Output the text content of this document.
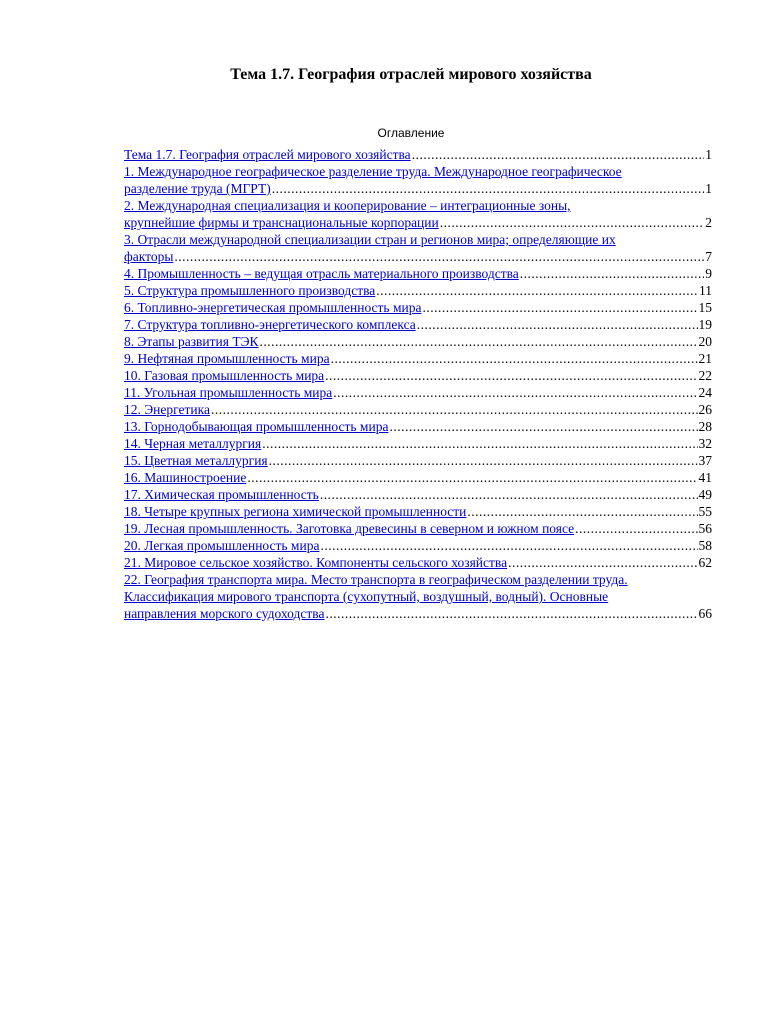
Тема 1.7. География отраслей мирового хозяйства
Оглавление
Тема 1.7. География отраслей мирового хозяйства .....	1
1. Международное географическое разделение труда. Международное географическое
разделение труда (МГРТ) .....	1
2. Международная специализация и кооперирование – интеграционные зоны,
крупнейшие фирмы и транснациональные корпорации .....	2
3. Отрасли международной специализации стран и регионов мира; определяющие их
факторы .....	7
4. Промышленность – ведущая отрасль материального производства .....	9
5. Структура промышленного производства .....	11
6. Топливно-энергетическая промышленность мира .....	15
7. Структура топливно-энергетического комплекса .....	19
8. Этапы развития ТЭК .....	20
9. Нефтяная промышленность мира .....	21
10. Газовая промышленность мира .....	22
11. Угольная промышленность мира .....	24
12. Энергетика .....	26
13. Горнодобывающая промышленность мира .....	28
14. Черная металлургия .....	32
15. Цветная металлургия .....	37
16. Машиностроение .....	41
17. Химическая промышленность .....	49
18. Четыре крупных региона химической промышленности .....	55
19. Лесная промышленность. Заготовка древесины в северном и южном поясе .....	56
20. Легкая промышленность мира .....	58
21. Мировое сельское хозяйство. Компоненты сельского хозяйства .....	62
22. География транспорта мира. Место транспорта в географическом разделении труда.
Классификация мирового транспорта (сухопутный, воздушный, водный). Основные
направления морского судоходства .....	66
